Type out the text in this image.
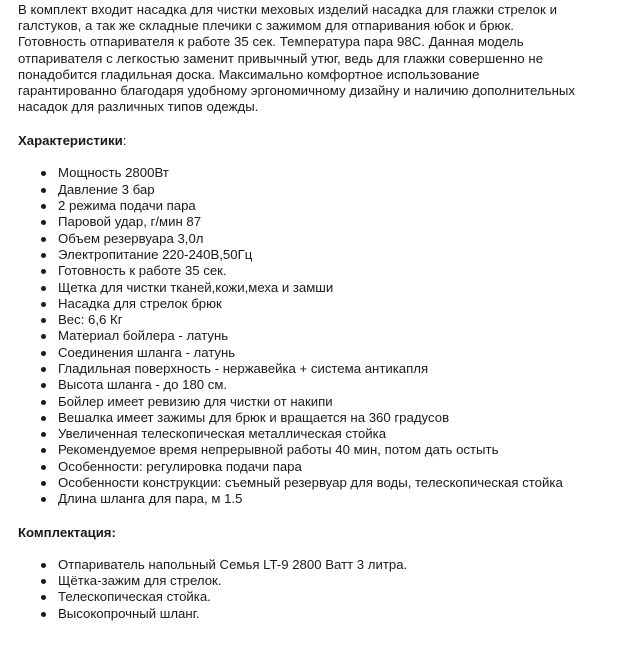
В комплект входит насадка для чистки меховых изделий насадка для глажки стрелок и
галстуков, а так же складные плечики с зажимом для отпаривания юбок и брюк.
Готовность отпаривателя к работе 35 сек. Температура пара 98С. Данная модель
отпаривателя с легкостью заменит привычный утюг, ведь для глажки совершенно не
понадобится гладильная доска. Максимально комфортное использование
гарантированно благодаря удобному эргономичному дизайну и наличию дополнительных
насадок для различных типов одежды.

Характеристики:

Мощность 2800Вт
Давление 3 бар
2 режима подачи пара
Паровой удар, г/мин 87
Объем резервуара 3,0л
Электропитание 220-240В,50Гц
Готовность к работе 35 сек.
Щетка для чистки тканей,кожи,меха и замши
Насадка для стрелок брюк
Вес: 6,6 Кг
Материал бойлера - латунь
Соединения шланга - латунь
Гладильная поверхность - нержавейка + система антикапля
Высота шланга - до 180 см.
Бойлер имеет ревизию для чистки от накипи
Вешалка имеет зажимы для брюк и вращается на 360 градусов
Увеличенная телескопическая металлическая стойка
Рекомендуемое время непрерывной работы 40 мин, потом дать остыть
Особенности: регулировка подачи пара
Особенности конструкции: съемный резервуар для воды, телескопическая стойка
Длина шланга для пара, м 1.5

Комплектация:

Отпариватель напольный Семья LT-9 2800 Ватт 3 литра.
Щётка-зажим для стрелок.
Телескопическая стойка.
Высокопрочный шланг.
